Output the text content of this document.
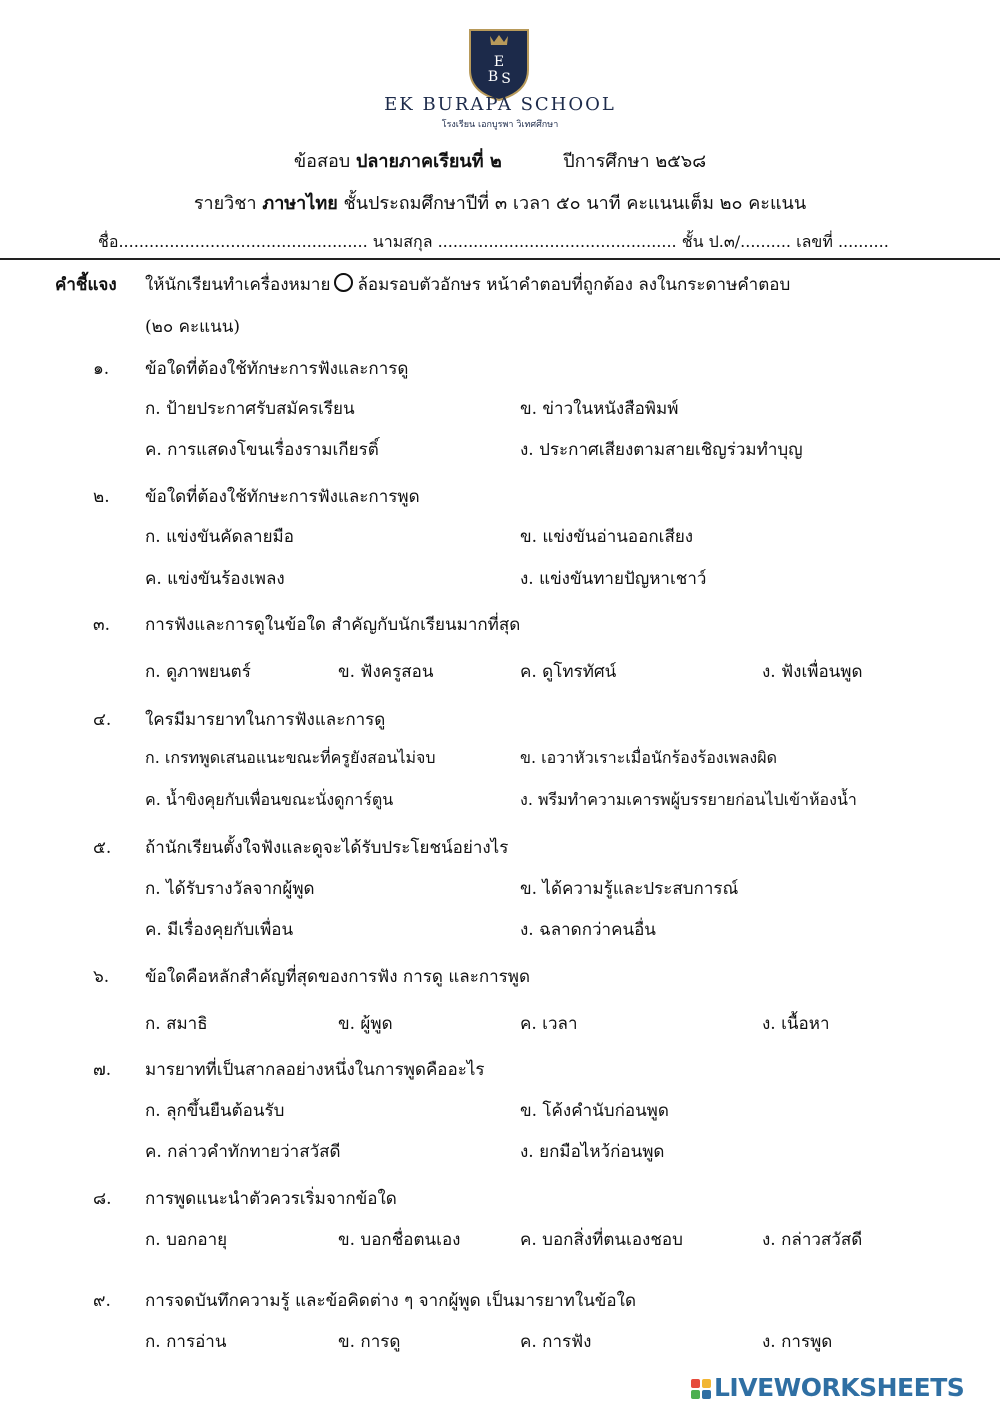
E
B S
EK BURAPA SCHOOL
โรงเรียน เอกบูรพา วิเทศศึกษา
ข้อสอบ ปลายภาคเรียนที่ ๒	ปีการศึกษา ๒๕๖๘
รายวิชา ภาษาไทย ชั้นประถมศึกษาปีที่ ๓ เวลา ๕๐ นาที คะแนนเต็ม ๒๐ คะแนน
ชื่อ................................................. นามสกุล ............................................... ชั้น ป.๓/.......... เลขที่ ..........
คำชี้แจง ให้นักเรียนทำเครื่องหมาย ○ ล้อมรอบตัวอักษร หน้าคำตอบที่ถูกต้อง ลงในกระดาษคำตอบ
(๒๐ คะแนน)
๑. ข้อใดที่ต้องใช้ทักษะการฟังและการดู
ก. ป้ายประกาศรับสมัครเรียน	ข. ข่าวในหนังสือพิมพ์
ค. การแสดงโขนเรื่องรามเกียรติ์	ง. ประกาศเสียงตามสายเชิญร่วมทำบุญ
๒. ข้อใดที่ต้องใช้ทักษะการฟังและการพูด
ก. แข่งขันคัดลายมือ	ข. แข่งขันอ่านออกเสียง
ค. แข่งขันร้องเพลง	ง. แข่งขันทายปัญหาเชาว์
๓. การฟังและการดูในข้อใด สำคัญกับนักเรียนมากที่สุด
ก. ดูภาพยนตร์	ข. ฟังครูสอน	ค. ดูโทรทัศน์	ง. ฟังเพื่อนพูด
๔. ใครมีมารยาทในการฟังและการดู
ก. เกรทพูดเสนอแนะขณะที่ครูยังสอนไม่จบ	ข. เอวาหัวเราะเมื่อนักร้องร้องเพลงผิด
ค. น้ำขิงคุยกับเพื่อนขณะนั่งดูการ์ตูน	ง. พรีมทำความเคารพผู้บรรยายก่อนไปเข้าห้องน้ำ
๕. ถ้านักเรียนตั้งใจฟังและดูจะได้รับประโยชน์อย่างไร
ก. ได้รับรางวัลจากผู้พูด	ข. ได้ความรู้และประสบการณ์
ค. มีเรื่องคุยกับเพื่อน	ง. ฉลาดกว่าคนอื่น
๖. ข้อใดคือหลักสำคัญที่สุดของการฟัง การดู และการพูด
ก. สมาธิ	ข. ผู้พูด	ค. เวลา	ง. เนื้อหา
๗. มารยาทที่เป็นสากลอย่างหนึ่งในการพูดคืออะไร
ก. ลุกขึ้นยืนต้อนรับ	ข. โค้งคำนับก่อนพูด
ค. กล่าวคำทักทายว่าสวัสดี	ง. ยกมือไหว้ก่อนพูด
๘. การพูดแนะนำตัวควรเริ่มจากข้อใด
ก. บอกอายุ	ข. บอกชื่อตนเอง	ค. บอกสิ่งที่ตนเองชอบ	ง. กล่าวสวัสดี
๙. การจดบันทึกความรู้ และข้อคิดต่าง ๆ จากผู้พูด เป็นมารยาทในข้อใด
ก. การอ่าน	ข. การดู	ค. การฟัง	ง. การพูด
LIVEWORKSHEETS
